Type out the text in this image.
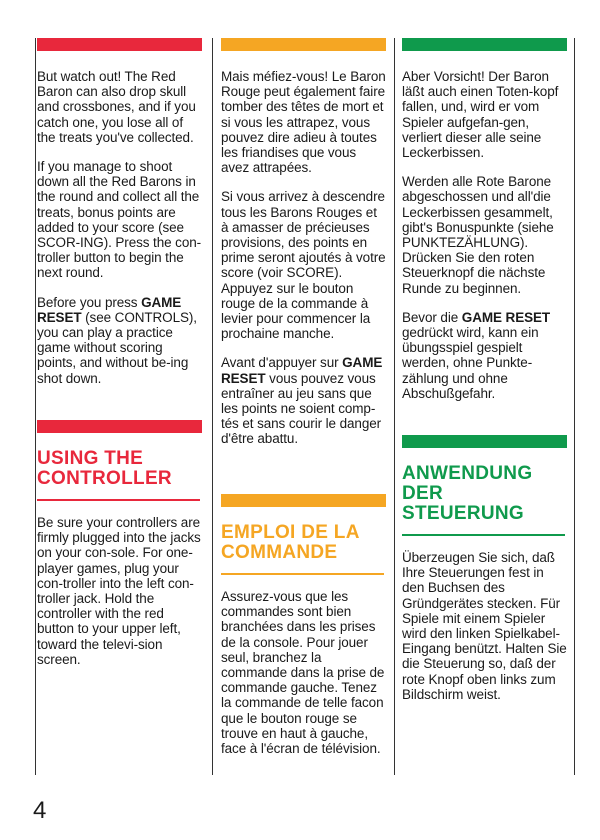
But watch out! The Red Baron can also drop skull and crossbones, and if you catch one, you lose all of the treats you've collected.

If you manage to shoot down all the Red Barons in the round and collect all the treats, bonus points are added to your score (see SCOR-ING). Press the con-troller button to begin the next round.

Before you press GAME RESET (see CONTROLS), you can play a practice game without scoring points, and without be-ing shot down.

USING THE CONTROLLER

Be sure your controllers are firmly plugged into the jacks on your con-sole. For one-player games, plug your con-troller into the left con-troller jack. Hold the controller with the red button to your upper left, toward the televi-sion screen.

Mais méfiez-vous! Le Baron Rouge peut également faire tomber des têtes de mort et si vous les attrapez, vous pouvez dire adieu à toutes les friandises que vous avez attrapées.

Si vous arrivez à descendre tous les Barons Rouges et à amasser de précieuses provisions, des points en prime seront ajoutés à votre score (voir SCORE). Appuyez sur le bouton rouge de la commande à levier pour commencer la prochaine manche.

Avant d'appuyer sur GAME RESET vous pouvez vous entraîner au jeu sans que les points ne soient comp-tés et sans courir le danger d'être abattu.

EMPLOI DE LA COMMANDE

Assurez-vous que les commandes sont bien branchées dans les prises de la console. Pour jouer seul, branchez la commande dans la prise de commande gauche. Tenez la commande de telle facon que le bouton rouge se trouve en haut à gauche, face à l'écran de télévision.

Aber Vorsicht! Der Baron läßt auch einen Toten-kopf fallen, und, wird er vom Spieler aufgefan-gen, verliert dieser alle seine Leckerbissen.

Werden alle Rote Barone abgeschossen und all'die Leckerbissen gesammelt, gibt's Bonuspunkte (siehe PUNKTEZÄHLUNG). Drücken Sie den roten Steuerknopf die nächste Runde zu beginnen.

Bevor die GAME RESET gedrückt wird, kann ein übungsspiel gespielt werden, ohne Punkte-zählung und ohne Abschußgefahr.

ANWENDUNG DER STEUERUNG

Überzeugen Sie sich, daß Ihre Steuerungen fest in den Buchsen des Gründgerätes stecken. Für Spiele mit einem Spieler wird den linken Spielkabel-Eingang benützt. Halten Sie die Steuerung so, daß der rote Knopf oben links zum Bildschirm weist.

4
